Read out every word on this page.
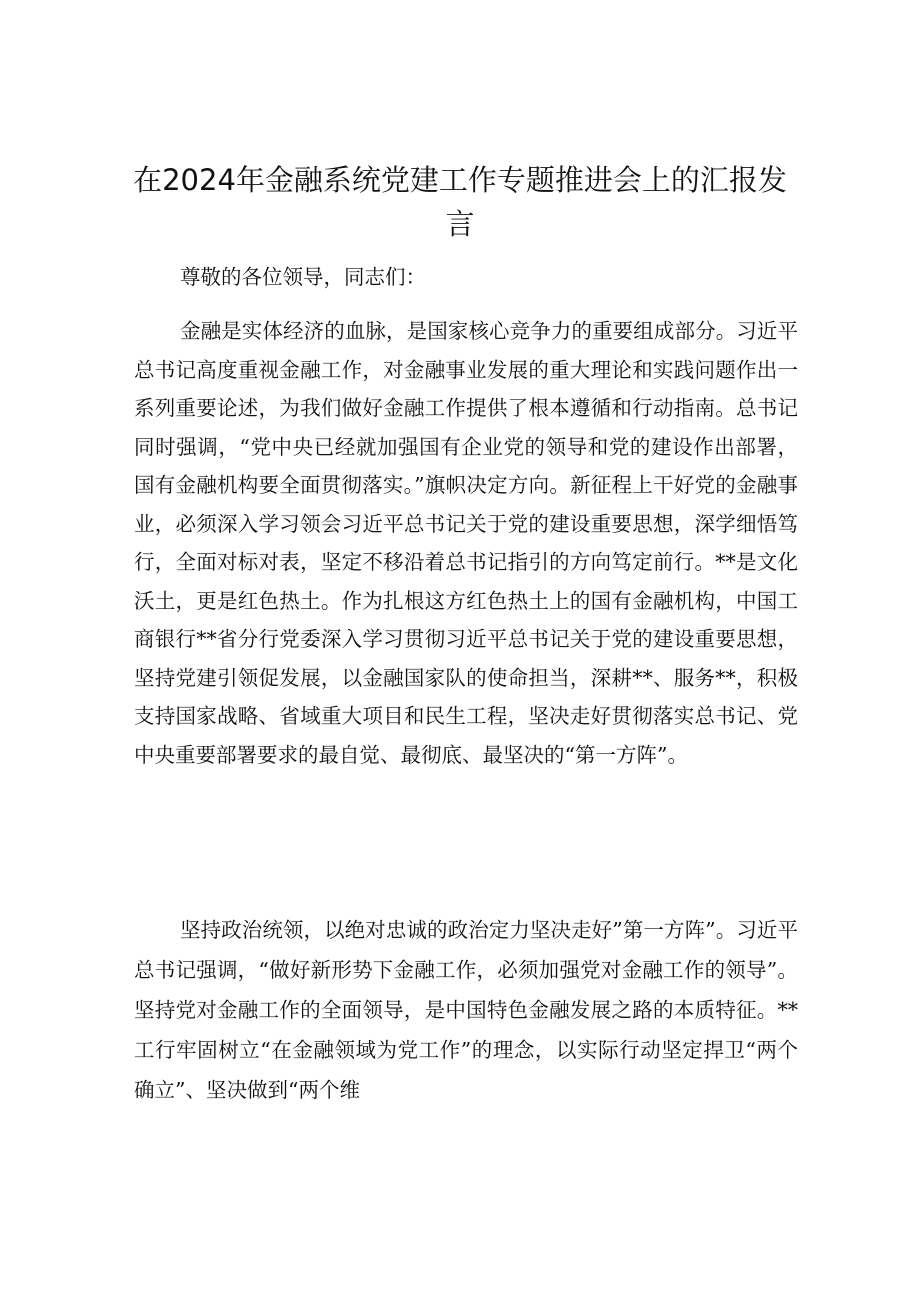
在2024年金融系统党建工作专题推进会上的汇报发言

尊敬的各位领导，同志们：

金融是实体经济的血脉，是国家核心竞争力的重要组成部分。习近平总书记高度重视金融工作，对金融事业发展的重大理论和实践问题作出一系列重要论述，为我们做好金融工作提供了根本遵循和行动指南。总书记同时强调，“党中央已经就加强国有企业党的领导和党的建设作出部署，国有金融机构要全面贯彻落实。”旗帜决定方向。新征程上干好党的金融事业，必须深入学习领会习近平总书记关于党的建设重要思想，深学细悟笃行，全面对标对表，坚定不移沿着总书记指引的方向笃定前行。**是文化沃土，更是红色热土。作为扎根这方红色热土上的国有金融机构，中国工商银行**省分行党委深入学习贯彻习近平总书记关于党的建设重要思想，坚持党建引领促发展，以金融国家队的使命担当，深耕**、服务**，积极支持国家战略、省域重大项目和民生工程，坚决走好贯彻落实总书记、党中央重要部署要求的最自觉、最彻底、最坚决的“第一方阵”。

坚持政治统领，以绝对忠诚的政治定力坚决走好”第一方阵”。习近平总书记强调，“做好新形势下金融工作，必须加强党对金融工作的领导”。坚持党对金融工作的全面领导，是中国特色金融发展之路的本质特征。**工行牢固树立“在金融领域为党工作”的理念，以实际行动坚定捍卫“两个确立”、坚决做到“两个维
